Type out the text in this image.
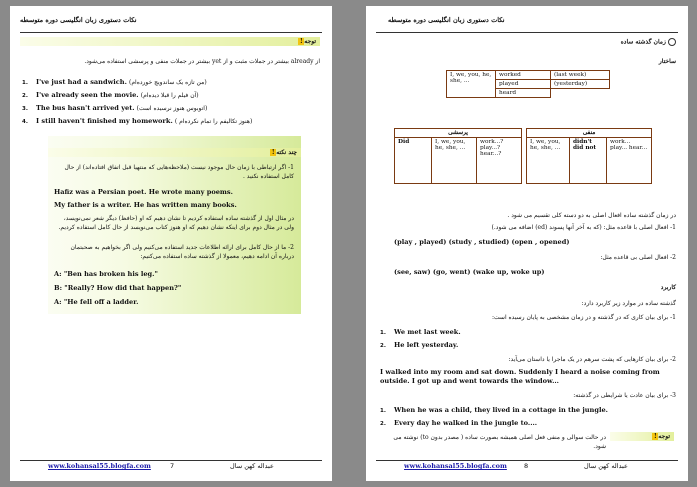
نکات دستوری زبان انگلیسی دوره متوسطه
! توجه
از already بیشتر در جملات مثبت و از yet بیشتر در جملات منفی و پرسشی استفاده می‌شود.
1. I've just had a sandwich. (من تازه یک ساندویچ خورده‌ام)
2. I've already seen the movie. (آن فیلم را قبلا دیده‌ام)
3. The bus hasn't arrived yet. (اتوبوس هنوز نرسیده است)
4. I still haven't finished my homework. ( هنوز تکالیفم را تمام نکرده‌ام)
! چند نکته
1- اگر ارتباطی با زمان حال موجود نیست (ملاحظه‌هایی که منتهیا قبل اتفاق افتاده‌اند) از حال کامل استفاده نکنید .
Hafiz was a Persian poet. He wrote many poems.
My father is a writer. He has written many books.
در مثال اول از گذشته ساده استفاده کردیم تا نشان دهیم که او (حافظ) دیگر شعر نمی‌نویسد، ولی در مثال دوم برای اینکه نشان دهیم که او هنوز کتاب می‌نویسد از حال کامل استفاده کردیم.
2- ما از حال کامل برای ارائه اطلاعات جدید استفاده می‌کنیم ولی اگر بخواهیم به صحبتمان درباره آن ادامه دهیم، معمولا از گذشته ساده استفاده می‌کنیم:
A: "Ben has broken his leg."
B: "Really? How did that happen?"
A: "He fell off a ladder.
www.kohansal55.blogfa.com	7	عبداله کهن سال
نکات دستوری زبان انگلیسی دوره متوسطه
زمان گذشته ساده
ساختار
I, we, you, he, she, ...	worked	(last week)
	played	(yesterday)
	heard	
پرسشی
Did	I, we, you, he, she, ...	work...? play...? hear...?
منفی
I, we, you, he, she, ...	didn't did not	work... play... hear...
در زمان گذشته ساده افعال اصلی به دو دسته کلی تقسیم می شود .
1- افعال اصلی با قاعده مثل: (که به آخر آنها پسوند (ed) اضافه می شود.)
(play , played) (study , studied) (open , opened)
2- افعال اصلی بی قاعده مثل:
(see, saw) (go, went) (wake up, woke up)
کاربرد
گذشته ساده در موارد زیر کاربرد دارد:
1- برای بیان کاری که در گذشته و در زمان مشخصی به پایان رسیده است:
1. We met last week.
2. He left yesterday.
2- برای بیان کارهایی که پشت سرهم در یک ماجرا یا داستان می‌آید:
I walked into my room and sat down. Suddenly I heard a noise coming from outside. I got up and went towards the window...
3- برای بیان عادت یا شرایطی در گذشته:
1. When he was a child, they lived in a cottage in the jungle.
2. Every day he walked in the jungle to....
! توجه
در حالت سوالی و منفی فعل اصلی همیشه بصورت ساده ( مصدر بدون to) نوشته می شود.
www.kohansal55.blogfa.com	8	عبداله کهن سال
